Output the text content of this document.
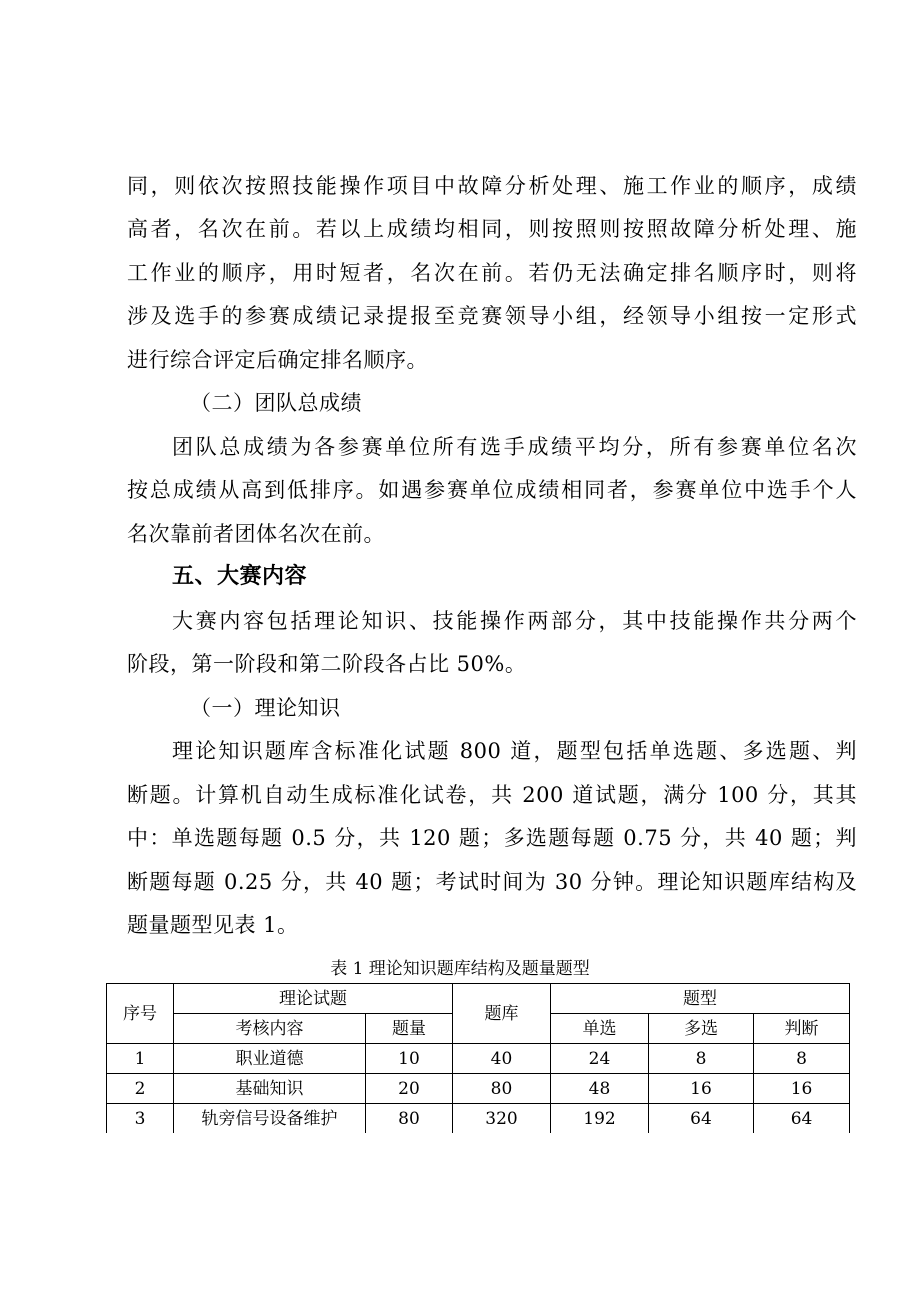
同，则依次按照技能操作项目中故障分析处理、施工作业的顺序，成绩
高者，名次在前。若以上成绩均相同，则按照则按照故障分析处理、施
工作业的顺序，用时短者，名次在前。若仍无法确定排名顺序时，则将
涉及选手的参赛成绩记录提报至竞赛领导小组，经领导小组按一定形式
进行综合评定后确定排名顺序。
（二）团队总成绩
团队总成绩为各参赛单位所有选手成绩平均分，所有参赛单位名次
按总成绩从高到低排序。如遇参赛单位成绩相同者，参赛单位中选手个人
名次靠前者团体名次在前。
五、大赛内容
大赛内容包括理论知识、技能操作两部分，其中技能操作共分两个
阶段，第一阶段和第二阶段各占比 50%。
（一）理论知识
理论知识题库含标准化试题 800 道，题型包括单选题、多选题、判
断题。计算机自动生成标准化试卷，共 200 道试题，满分 100 分，其其
中：单选题每题 0.5 分，共 120 题；多选题每题 0.75 分，共 40 题；判
断题每题 0.25 分，共 40 题；考试时间为 30 分钟。理论知识题库结构及
题量题型见表 1。
表 1 理论知识题库结构及题量题型
序号	理论试题		题库	题型		
	考核内容	题量		单选	多选	判断
1	职业道德	10	40	24	8	8
2	基础知识	20	80	48	16	16
3	轨旁信号设备维护	80	320	192	64	64
